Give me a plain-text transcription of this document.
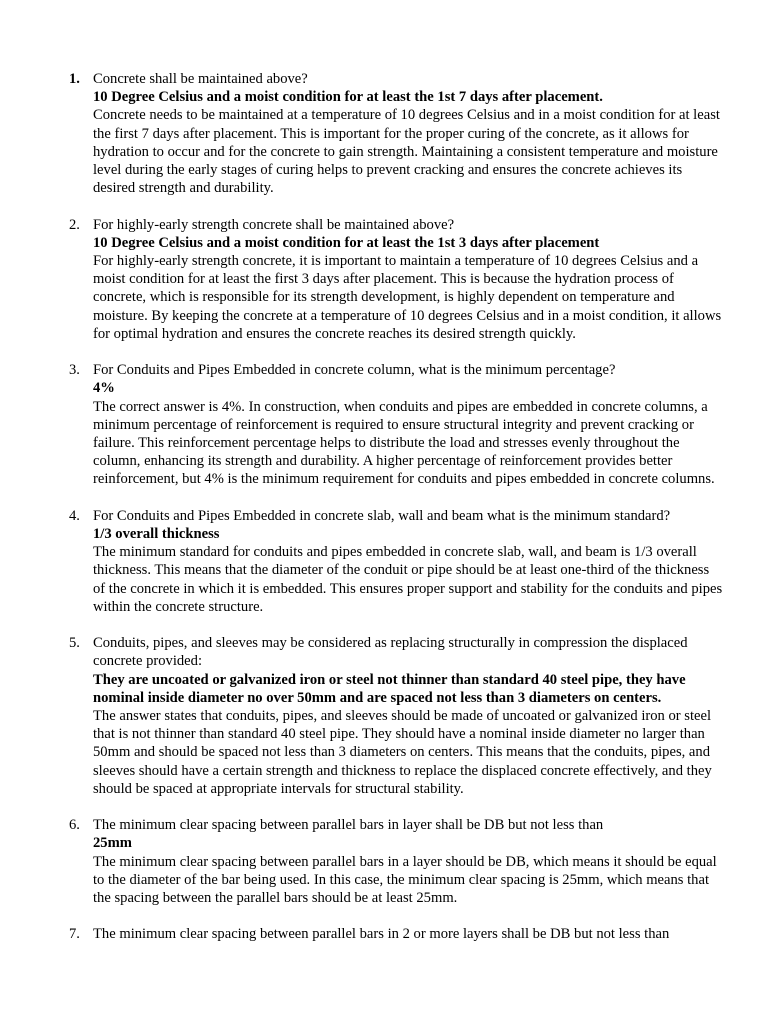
1. Concrete shall be maintained above?
10 Degree Celsius and a moist condition for at least the 1st 7 days after placement.
Concrete needs to be maintained at a temperature of 10 degrees Celsius and in a moist condition for at least the first 7 days after placement. This is important for the proper curing of the concrete, as it allows for hydration to occur and for the concrete to gain strength. Maintaining a consistent temperature and moisture level during the early stages of curing helps to prevent cracking and ensures the concrete achieves its desired strength and durability.
2. For highly-early strength concrete shall be maintained above?
10 Degree Celsius and a moist condition for at least the 1st 3 days after placement
For highly-early strength concrete, it is important to maintain a temperature of 10 degrees Celsius and a moist condition for at least the first 3 days after placement. This is because the hydration process of concrete, which is responsible for its strength development, is highly dependent on temperature and moisture. By keeping the concrete at a temperature of 10 degrees Celsius and in a moist condition, it allows for optimal hydration and ensures the concrete reaches its desired strength quickly.
3. For Conduits and Pipes Embedded in concrete column, what is the minimum percentage?
4%
The correct answer is 4%. In construction, when conduits and pipes are embedded in concrete columns, a minimum percentage of reinforcement is required to ensure structural integrity and prevent cracking or failure. This reinforcement percentage helps to distribute the load and stresses evenly throughout the column, enhancing its strength and durability. A higher percentage of reinforcement provides better reinforcement, but 4% is the minimum requirement for conduits and pipes embedded in concrete columns.
4. For Conduits and Pipes Embedded in concrete slab, wall and beam what is the minimum standard?
1/3 overall thickness
The minimum standard for conduits and pipes embedded in concrete slab, wall, and beam is 1/3 overall thickness. This means that the diameter of the conduit or pipe should be at least one-third of the thickness of the concrete in which it is embedded. This ensures proper support and stability for the conduits and pipes within the concrete structure.
5. Conduits, pipes, and sleeves may be considered as replacing structurally in compression the displaced concrete provided:
They are uncoated or galvanized iron or steel not thinner than standard 40 steel pipe, they have nominal inside diameter no over 50mm and are spaced not less than 3 diameters on centers.
The answer states that conduits, pipes, and sleeves should be made of uncoated or galvanized iron or steel that is not thinner than standard 40 steel pipe. They should have a nominal inside diameter no larger than 50mm and should be spaced not less than 3 diameters on centers. This means that the conduits, pipes, and sleeves should have a certain strength and thickness to replace the displaced concrete effectively, and they should be spaced at appropriate intervals for structural stability.
6. The minimum clear spacing between parallel bars in layer shall be DB but not less than
25mm
The minimum clear spacing between parallel bars in a layer should be DB, which means it should be equal to the diameter of the bar being used. In this case, the minimum clear spacing is 25mm, which means that the spacing between the parallel bars should be at least 25mm.
7. The minimum clear spacing between parallel bars in 2 or more layers shall be DB but not less than
